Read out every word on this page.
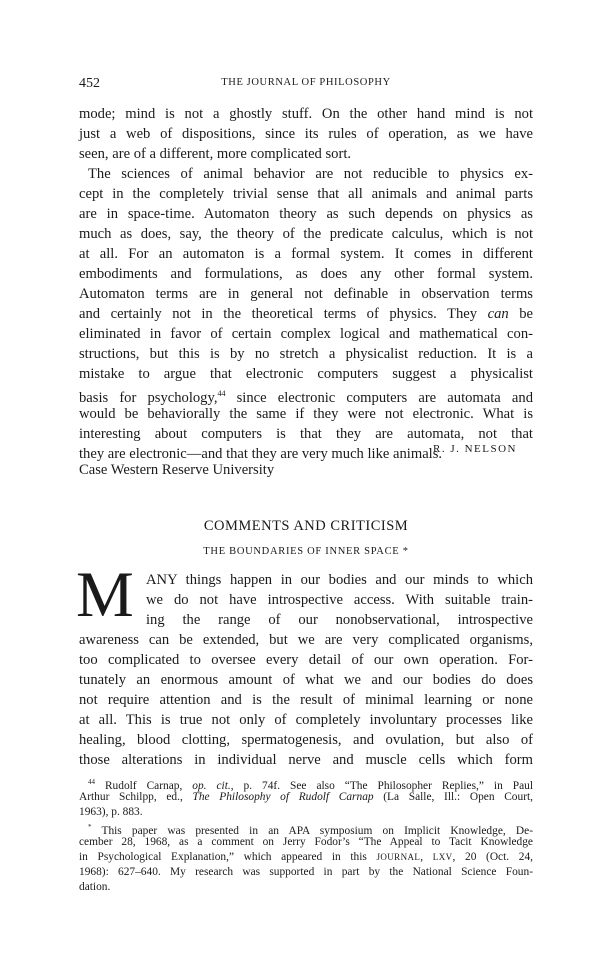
452	THE JOURNAL OF PHILOSOPHY
mode; mind is not a ghostly stuff. On the other hand mind is not
just a web of dispositions, since its rules of operation, as we have
seen, are of a different, more complicated sort.
The sciences of animal behavior are not reducible to physics ex-
cept in the completely trivial sense that all animals and animal parts
are in space-time. Automaton theory as such depends on physics as
much as does, say, the theory of the predicate calculus, which is not
at all. For an automaton is a formal system. It comes in different
embodiments and formulations, as does any other formal system.
Automaton terms are in general not definable in observation terms
and certainly not in the theoretical terms of physics. They can be
eliminated in favor of certain complex logical and mathematical con-
structions, but this is by no stretch a physicalist reduction. It is a
mistake to argue that electronic computers suggest a physicalist
basis for psychology,$^{44}$ since electronic computers are automata and
would be behaviorally the same if they were not electronic. What is
interesting about computers is that they are automata, not that
they are electronic—and that they are very much like animals.
R. J. NELSON
Case Western Reserve University
COMMENTS AND CRITICISM
THE BOUNDARIES OF INNER SPACE *
M ANY things happen in our bodies and our minds to which
we do not have introspective access. With suitable train-
ing the range of our nonobservational, introspective
awareness can be extended, but we are very complicated organisms,
too complicated to oversee every detail of our own operation. For-
tunately an enormous amount of what we and our bodies do does
not require attention and is the result of minimal learning or none
at all. This is true not only of completely involuntary processes like
healing, blood clotting, spermatogenesis, and ovulation, but also of
those alterations in individual nerve and muscle cells which form
$^{44}$ Rudolf Carnap, op. cit., p. 74f. See also “The Philosopher Replies,” in Paul
Arthur Schilpp, ed., The Philosophy of Rudolf Carnap (La Salle, Ill.: Open Court,
1963), p. 883.
* This paper was presented in an APA symposium on Implicit Knowledge, De-
cember 28, 1968, as a comment on Jerry Fodor’s “The Appeal to Tacit Knowledge
in Psychological Explanation,” which appeared in this JOURNAL, LXV, 20 (Oct. 24,
1968): 627–640. My research was supported in part by the National Science Foun-
dation.
